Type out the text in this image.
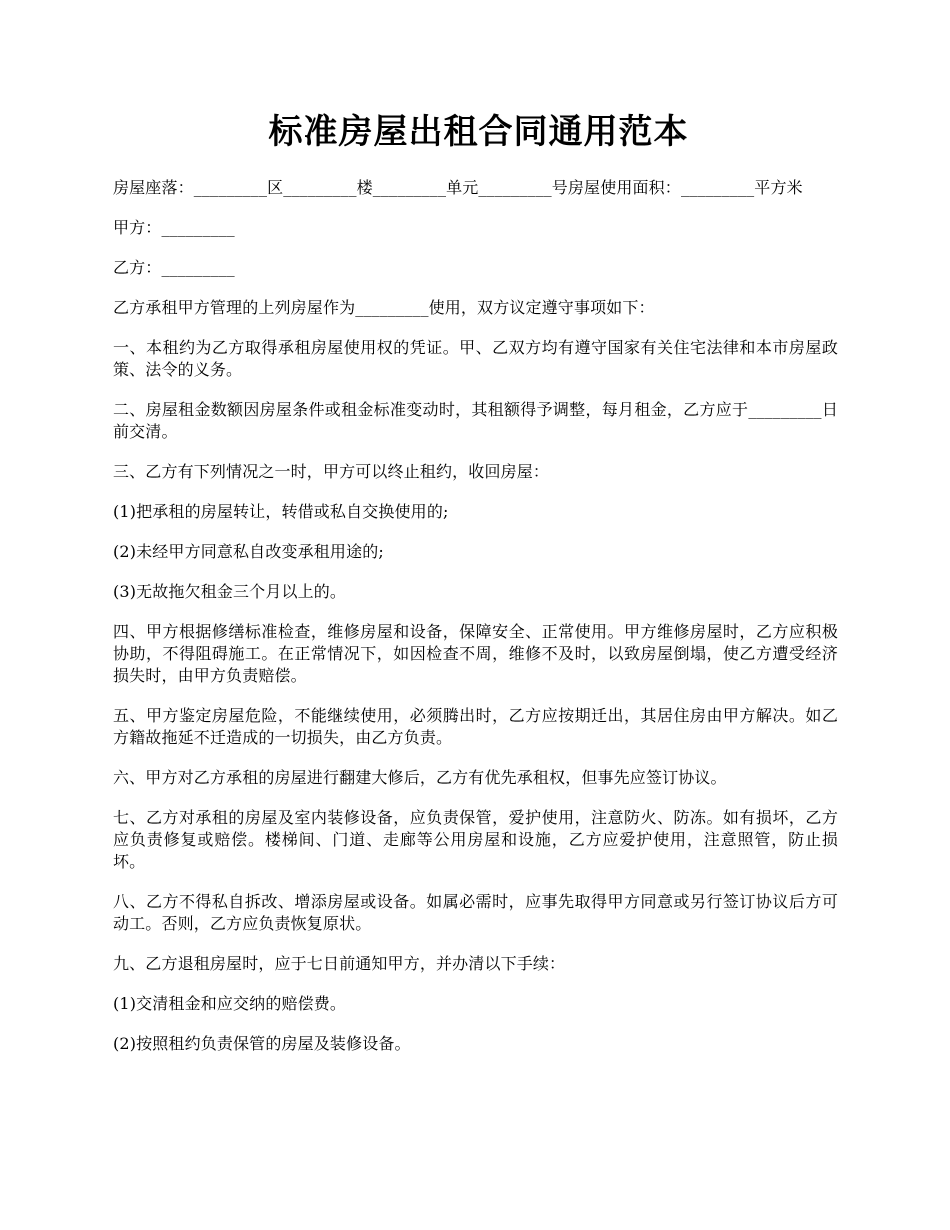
标准房屋出租合同通用范本

房屋座落：_________区_________楼_________单元_________号房屋使用面积：_________平方米

甲方：_________

乙方：_________

乙方承租甲方管理的上列房屋作为_________使用，双方议定遵守事项如下：

一、本租约为乙方取得承租房屋使用权的凭证。甲、乙双方均有遵守国家有关住宅法律和本市房屋政策、法令的义务。

二、房屋租金数额因房屋条件或租金标准变动时，其租额得予调整，每月租金，乙方应于_________日前交清。

三、乙方有下列情况之一时，甲方可以终止租约，收回房屋：

(1)把承租的房屋转让，转借或私自交换使用的;

(2)未经甲方同意私自改变承租用途的;

(3)无故拖欠租金三个月以上的。

四、甲方根据修缮标准检查，维修房屋和设备，保障安全、正常使用。甲方维修房屋时，乙方应积极协助，不得阻碍施工。在正常情况下，如因检查不周，维修不及时，以致房屋倒塌，使乙方遭受经济损失时，由甲方负责赔偿。

五、甲方鉴定房屋危险，不能继续使用，必须腾出时，乙方应按期迁出，其居住房由甲方解决。如乙方籍故拖延不迁造成的一切损失，由乙方负责。

六、甲方对乙方承租的房屋进行翻建大修后，乙方有优先承租权，但事先应签订协议。

七、乙方对承租的房屋及室内装修设备，应负责保管，爱护使用，注意防火、防冻。如有损坏，乙方应负责修复或赔偿。楼梯间、门道、走廊等公用房屋和设施，乙方应爱护使用，注意照管，防止损坏。

八、乙方不得私自拆改、增添房屋或设备。如属必需时，应事先取得甲方同意或另行签订协议后方可动工。否则，乙方应负责恢复原状。

九、乙方退租房屋时，应于七日前通知甲方，并办清以下手续：

(1)交清租金和应交纳的赔偿费。

(2)按照租约负责保管的房屋及装修设备。
